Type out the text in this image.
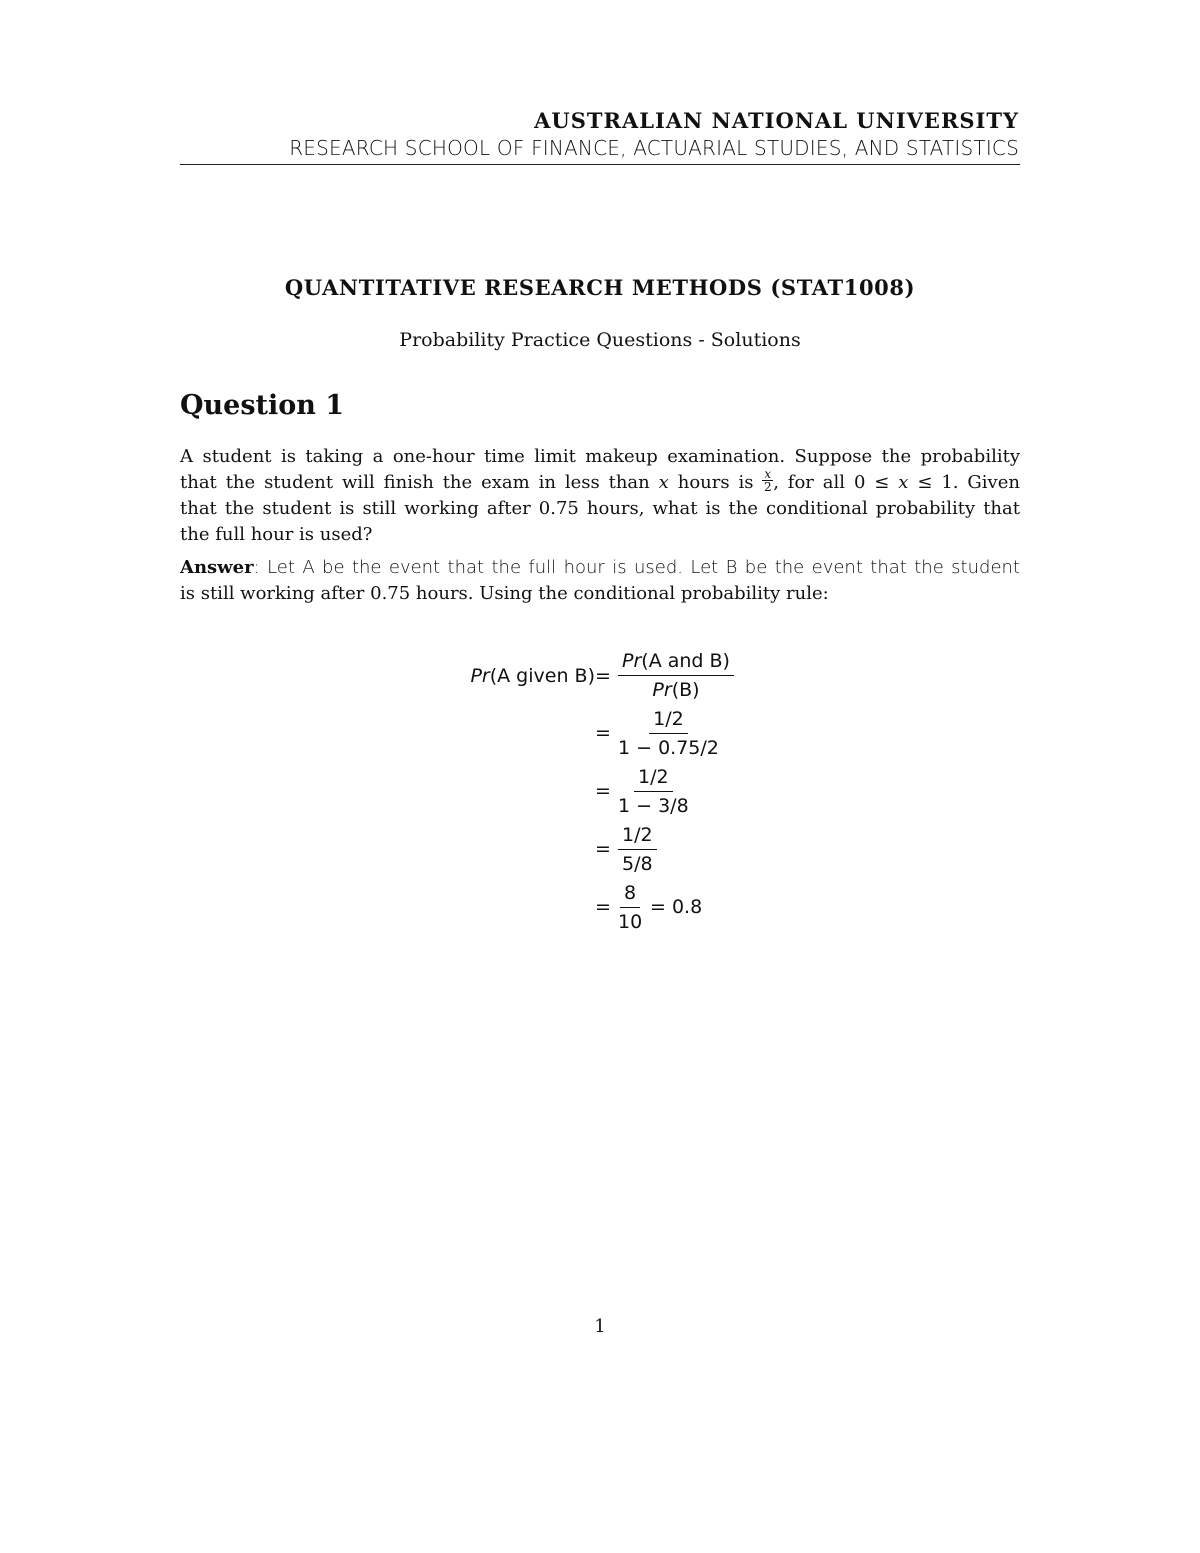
AUSTRALIAN NATIONAL UNIVERSITY
RESEARCH SCHOOL OF FINANCE, ACTUARIAL STUDIES, AND STATISTICS
QUANTITATIVE RESEARCH METHODS (STAT1008)
Probability Practice Questions - Solutions
Question 1
A student is taking a one-hour time limit makeup examination. Suppose the probability
that the student will finish the exam in less than x hours is $\frac{x}{2}$ , for all 0 ≤ x ≤ 1. Given
that the student is still working after 0.75 hours, what is the conditional probability that
the full hour is used?
Answer: Let A be the event that the full hour is used. Let B be the event that the student
is still working after 0.75 hours. Using the conditional probability rule:
Pr(A given B) =
Pr(A and B)
Pr(B)
= $\frac{1/2}{1 - 0.75/2}$
= $\frac{1/2}{1 - 3/8}$
= $\frac{1/2}{5/8}$
= $\frac{8}{10} = 0.8$
1
